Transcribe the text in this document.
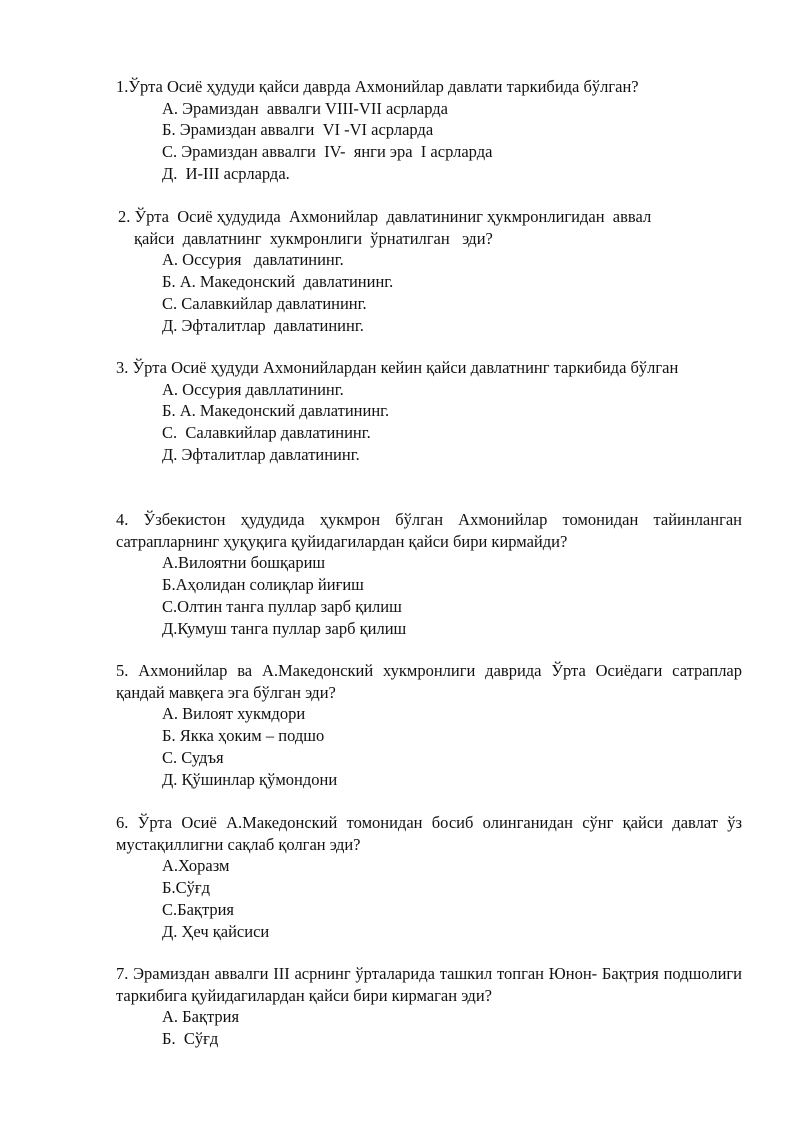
1.Ўрта Осиё ҳудуди қайси даврда Ахмонийлар давлати таркибида бўлган?

А. Эрамиздан  аввалги VIII-VII асрларда
Б. Эрамиздан аввалги  VI -VI асрларда
С. Эрамиздан аввалги  IV-  янги эра  I асрларда
Д.  И-III асрларда.

2. Ўрта  Осиё ҳудудида  Ахмонийлар  давлатининиг ҳукмронлигидан  аввал
қайси  давлатнинг  хукмронлиги  ўрнатилган   эди?

А. Оссурия   давлатининг.
Б. А. Македонский  давлатининг.
С. Салавкийлар давлатининг.
Д. Эфталитлар  давлатининг.

3. Ўрта Осиё ҳудуди Ахмонийлардан кейин қайси давлатнинг таркибида бўлган

А. Оссурия давллатининг.
Б. А. Македонский давлатининг.
С.  Салавкийлар давлатининг.
Д. Эфталитлар давлатининг.

4. Ўзбекистон ҳудудида ҳукмрон бўлган Ахмонийлар томонидан тайинланган сатрапларнинг ҳуқуқига қуйидагилардан қайси бири кирмайди?

А.Вилоятни бошқариш
Б.Аҳолидан солиқлар йиғиш
С.Олтин танга пуллар зарб қилиш
Д.Кумуш танга пуллар зарб қилиш

5. Ахмонийлар ва А.Македонский хукмронлиги даврида Ўрта Осиёдаги сатраплар қандай мавқега эга бўлган эди?

А. Вилоят хукмдори
Б. Якка ҳоким – подшо
С. Судъя
Д. Қўшинлар қўмондони

6. Ўрта Осиё А.Македонский томонидан босиб олинганидан сўнг қайси давлат ўз мустақиллигни сақлаб қолган эди?

А.Хоразм
Б.Сўғд
С.Бақтрия
Д. Ҳеч қайсиси

7. Эрамиздан аввалги III асрнинг ўрталарида ташкил топган Юнон- Бақтрия подшолиги таркибига қуйидагилардан қайси бири кирмаган эди?

А. Бақтрия
Б.  Сўғд
